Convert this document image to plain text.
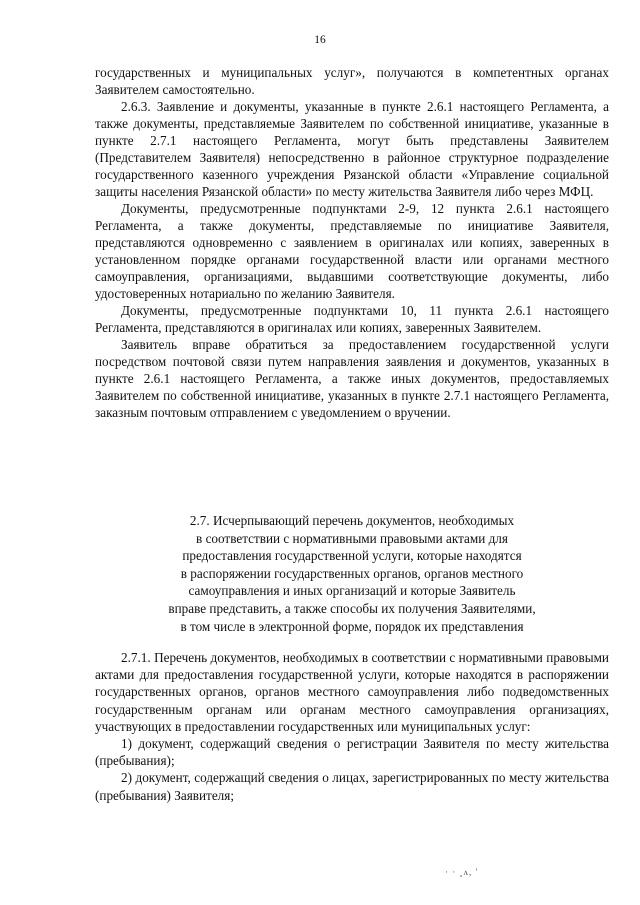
16

государственных и муниципальных услуг», получаются в компетентных органах Заявителем самостоятельно.

2.6.3. Заявление и документы, указанные в пункте 2.6.1 настоящего Регламента, а также документы, представляемые Заявителем по собственной инициативе, указанные в пункте 2.7.1 настоящего Регламента, могут быть представлены Заявителем (Представителем Заявителя) непосредственно в районное структурное подразделение государственного казенного учреждения Рязанской области «Управление социальной защиты населения Рязанской области» по месту жительства Заявителя либо через МФЦ.

Документы, предусмотренные подпунктами 2-9, 12 пункта 2.6.1 настоящего Регламента, а также документы, представляемые по инициативе Заявителя, представляются одновременно с заявлением в оригиналах или копиях, заверенных в установленном порядке органами государственной власти или органами местного самоуправления, организациями, выдавшими соответствующие документы, либо удостоверенных нотариально по желанию Заявителя.

Документы, предусмотренные подпунктами 10, 11 пункта 2.6.1 настоящего Регламента, представляются в оригиналах или копиях, заверенных Заявителем.

Заявитель вправе обратиться за предоставлением государственной услуги посредством почтовой связи путем направления заявления и документов, указанных в пункте 2.6.1 настоящего Регламента, а также иных документов, предоставляемых Заявителем по собственной инициативе, указанных в пункте 2.7.1 настоящего Регламента, заказным почтовым отправлением с уведомлением о вручении.

2.7. Исчерпывающий перечень документов, необходимых
в соответствии с нормативными правовыми актами для
предоставления государственной услуги, которые находятся
в распоряжении государственных органов, органов местного
самоуправления и иных организаций и которые Заявитель
вправе представить, а также способы их получения Заявителями,
в том числе в электронной форме, порядок их представления

2.7.1. Перечень документов, необходимых в соответствии с нормативными правовыми актами для предоставления государственной услуги, которые находятся в распоряжении государственных органов, органов местного самоуправления либо подведомственных государственным органам или органам местного самоуправления организациях, участвующих в предоставлении государственных или муниципальных услуг:

1) документ, содержащий сведения о регистрации Заявителя по месту жительства (пребывания);

2) документ, содержащий сведения о лицах, зарегистрированных по месту жительства (пребывания) Заявителя;

· · ¸ʌ, '
